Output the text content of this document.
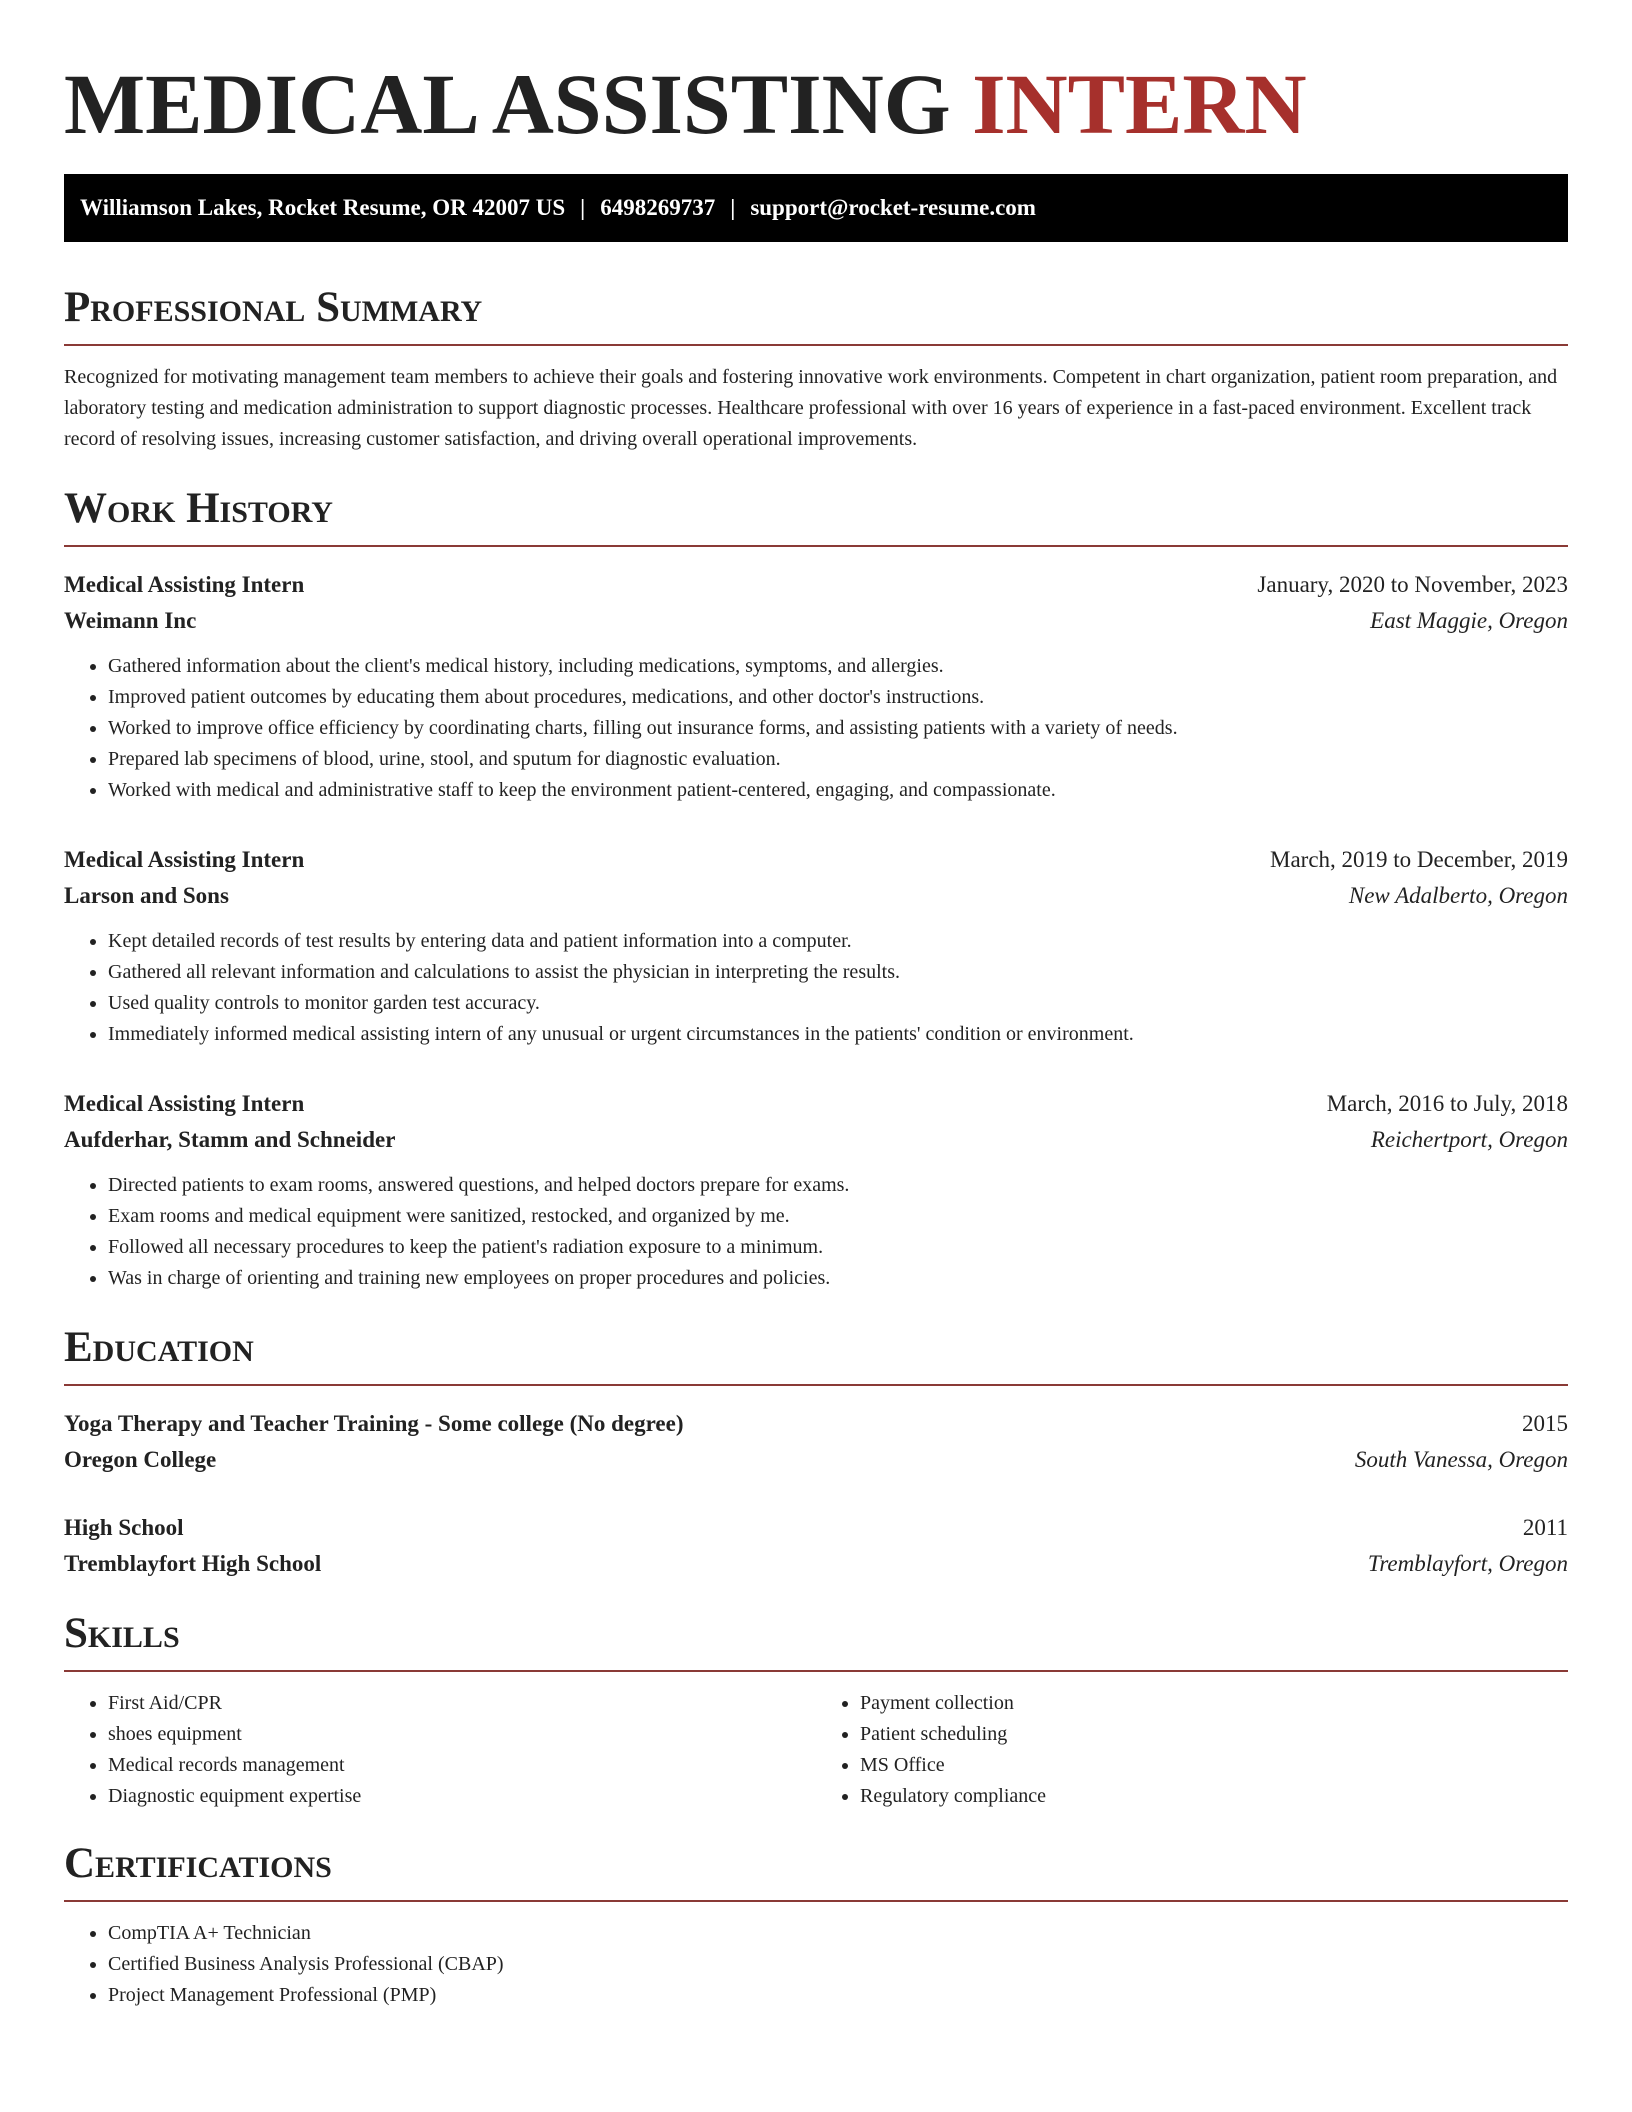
MEDICAL ASSISTING INTERN
Williamson Lakes, Rocket Resume, OR 42007 US | 6498269737 | support@rocket-resume.com
Professional Summary

Recognized for motivating management team members to achieve their goals and fostering innovative work environments. Competent in chart organization, patient room preparation, and laboratory testing and medication administration to support diagnostic processes. Healthcare professional with over 16 years of experience in a fast-paced environment. Excellent track record of resolving issues, increasing customer satisfaction, and driving overall operational improvements.

Work History
Medical Assisting Intern	January, 2020 to November, 2023
Weimann Inc	East Maggie, Oregon
• Gathered information about the client's medical history, including medications, symptoms, and allergies.
• Improved patient outcomes by educating them about procedures, medications, and other doctor's instructions.
• Worked to improve office efficiency by coordinating charts, filling out insurance forms, and assisting patients with a variety of needs.
• Prepared lab specimens of blood, urine, stool, and sputum for diagnostic evaluation.
• Worked with medical and administrative staff to keep the environment patient-centered, engaging, and compassionate.
Medical Assisting Intern	March, 2019 to December, 2019
Larson and Sons	New Adalberto, Oregon
• Kept detailed records of test results by entering data and patient information into a computer.
• Gathered all relevant information and calculations to assist the physician in interpreting the results.
• Used quality controls to monitor garden test accuracy.
• Immediately informed medical assisting intern of any unusual or urgent circumstances in the patients' condition or environment.
Medical Assisting Intern	March, 2016 to July, 2018
Aufderhar, Stamm and Schneider	Reichertport, Oregon
• Directed patients to exam rooms, answered questions, and helped doctors prepare for exams.
• Exam rooms and medical equipment were sanitized, restocked, and organized by me.
• Followed all necessary procedures to keep the patient's radiation exposure to a minimum.
• Was in charge of orienting and training new employees on proper procedures and policies.
Education
Yoga Therapy and Teacher Training - Some college (No degree)	2015
Oregon College	South Vanessa, Oregon
High School	2011
Tremblayfort High School	Tremblayfort, Oregon
Skills
• First Aid/CPR
• shoes equipment
• Medical records management
• Diagnostic equipment expertise
• Payment collection
• Patient scheduling
• MS Office
• Regulatory compliance
Certifications
• CompTIA A+ Technician
• Certified Business Analysis Professional (CBAP)
• Project Management Professional (PMP)
